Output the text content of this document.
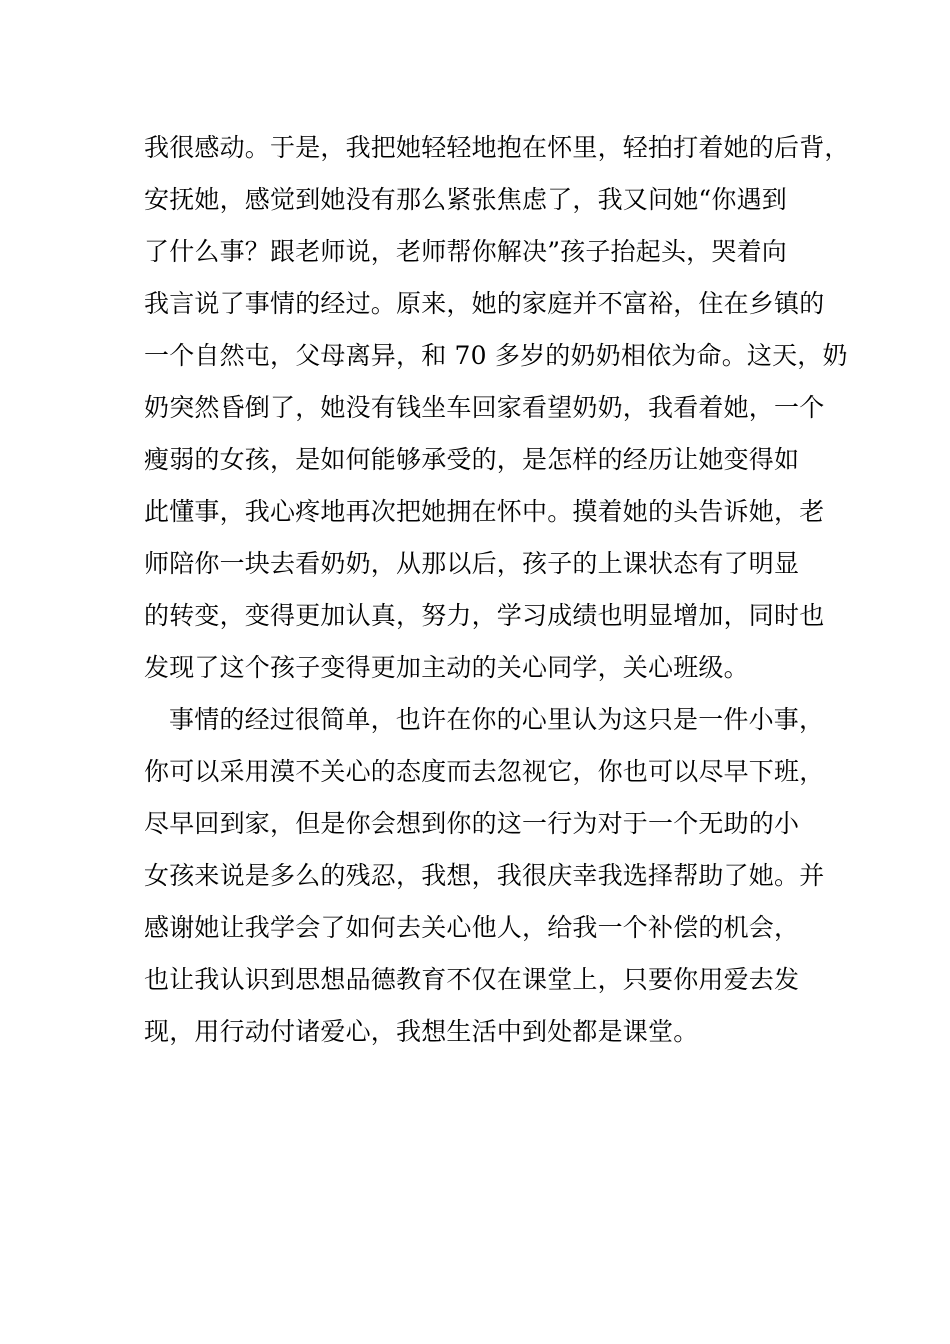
我很感动。于是，我把她轻轻地抱在怀里，轻拍打着她的后背，
安抚她，感觉到她没有那么紧张焦虑了，我又问她“你遇到
了什么事？跟老师说，老师帮你解决”孩子抬起头，哭着向
我言说了事情的经过。原来，她的家庭并不富裕，住在乡镇的
一个自然屯，父母离异，和 70 多岁的奶奶相依为命。这天，奶
奶突然昏倒了，她没有钱坐车回家看望奶奶，我看着她，一个
瘦弱的女孩，是如何能够承受的，是怎样的经历让她变得如
此懂事，我心疼地再次把她拥在怀中。摸着她的头告诉她，老
师陪你一块去看奶奶，从那以后，孩子的上课状态有了明显
的转变，变得更加认真，努力，学习成绩也明显增加，同时也
发现了这个孩子变得更加主动的关心同学，关心班级。
事情的经过很简单，也许在你的心里认为这只是一件小事，
你可以采用漠不关心的态度而去忽视它，你也可以尽早下班，
尽早回到家，但是你会想到你的这一行为对于一个无助的小
女孩来说是多么的残忍，我想，我很庆幸我选择帮助了她。并
感谢她让我学会了如何去关心他人，给我一个补偿的机会，
也让我认识到思想品德教育不仅在课堂上，只要你用爱去发
现，用行动付诸爱心，我想生活中到处都是课堂。
